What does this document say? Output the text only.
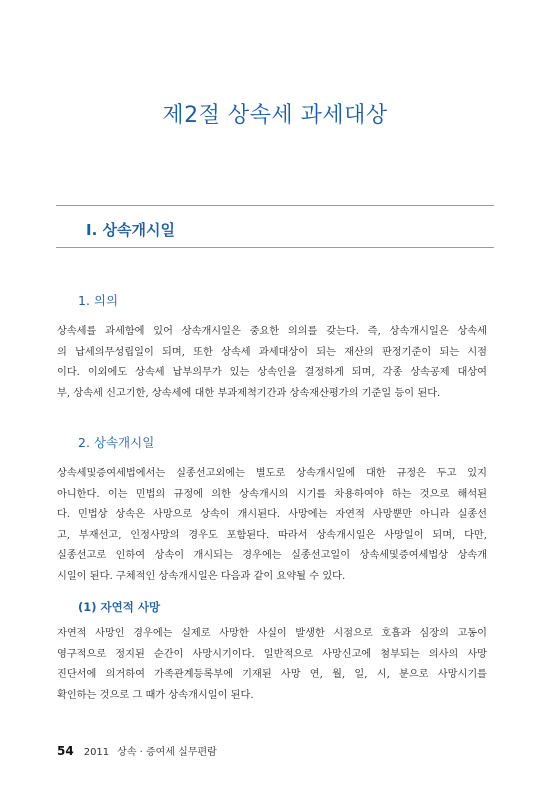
제2절 상속세 과세대상
Ⅰ. 상속개시일
1. 의의
상속세를 과세함에 있어 상속개시일은 중요한 의의를 갖는다. 즉, 상속개시일은 상속세
의 납세의무성립일이 되며, 또한 상속세 과세대상이 되는 재산의 판정기준이 되는 시점
이다. 이외에도 상속세 납부의무가 있는 상속인을 결정하게 되며, 각종 상속공제 대상여
부, 상속세 신고기한, 상속세에 대한 부과제척기간과 상속재산평가의 기준일 등이 된다.
2. 상속개시일
상속세및증여세법에서는 실종선고외에는 별도로 상속개시일에 대한 규정은 두고 있지
아니한다. 이는 민법의 규정에 의한 상속개시의 시기를 차용하여야 하는 것으로 해석된
다. 민법상 상속은 사망으로 상속이 개시된다. 사망에는 자연적 사망뿐만 아니라 실종선
고, 부재선고, 인정사망의 경우도 포함된다. 따라서 상속개시일은 사망일이 되며, 다만,
실종선고로 인하여 상속이 개시되는 경우에는 실종선고일이 상속세및증여세법상 상속개
시일이 된다. 구체적인 상속개시일은 다음과 같이 요약될 수 있다.
(1) 자연적 사망
자연적 사망인 경우에는 실제로 사망한 사실이 발생한 시점으로 호흡과 심장의 고동이
영구적으로 정지된 순간이 사망시기이다. 일반적으로 사망신고에 첨부되는 의사의 사망
진단서에 의거하여 가족관계등록부에 기재된 사망 연, 월, 일, 시, 분으로 사망시기를
확인하는 것으로 그 때가 상속개시일이 된다.
54 2011 상속 · 증여세 실무편람
